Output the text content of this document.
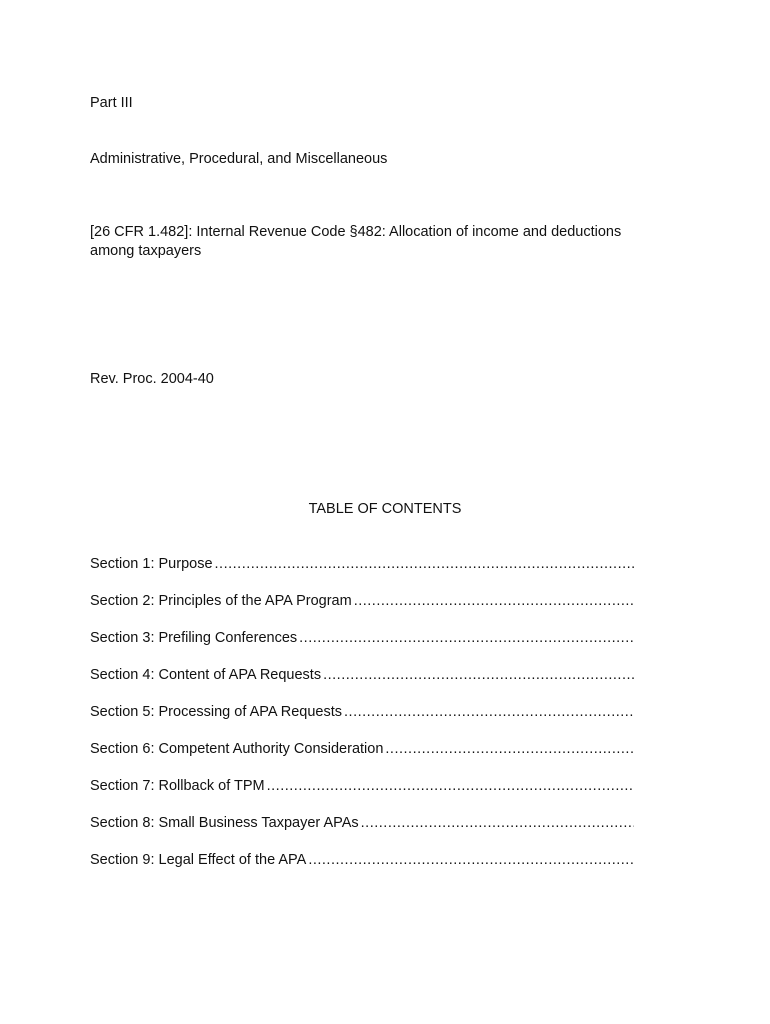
Part III
Administrative, Procedural, and Miscellaneous
[26 CFR 1.482]: Internal Revenue Code §482: Allocation of income and deductions among taxpayers
Rev. Proc. 2004-40
TABLE OF CONTENTS
Section 1: Purpose
.....
Section 2: Principles of the APA Program
.....
Section 3: Prefiling Conferences
.....
Section 4: Content of APA Requests
.....
Section 5: Processing of APA Requests
.....
Section 6: Competent Authority Consideration
.....
Section 7: Rollback of TPM
.....
Section 8: Small Business Taxpayer APAs
.....
Section 9: Legal Effect of the APA
.....
